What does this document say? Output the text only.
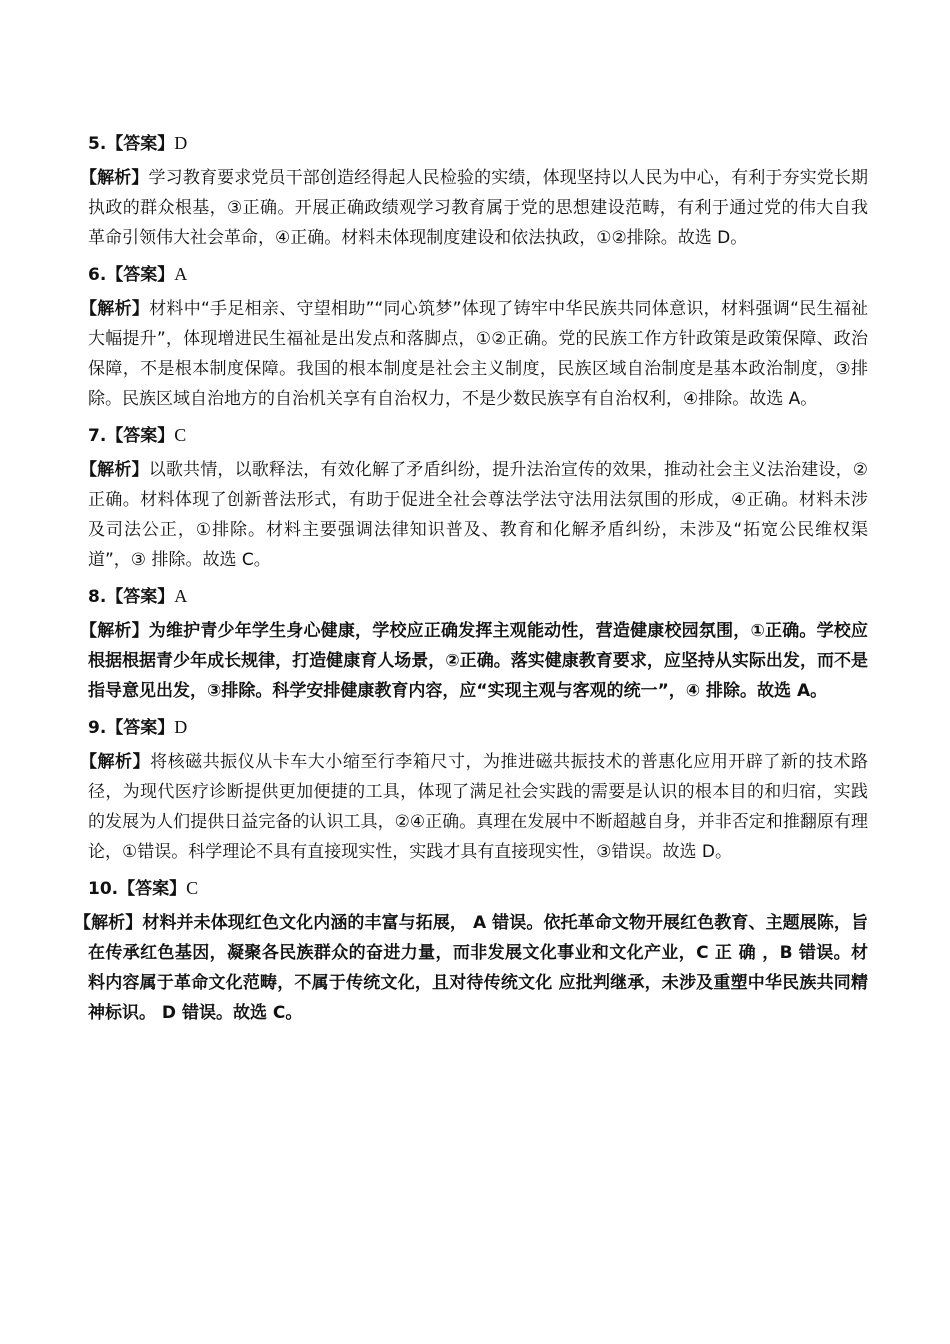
5.【答案】D

【解析】学习教育要求党员干部创造经得起人民检验的实绩，体现坚持以人民为中心，有利于夯实党长期执政的群众根基，③正确。开展正确政绩观学习教育属于党的思想建设范畴，有利于通过党的伟大自我革命引领伟大社会革命，④正确。材料未体现制度建设和依法执政，①②排除。故选 D。

6.【答案】A

【解析】材料中“手足相亲、守望相助”“同心筑梦”体现了铸牢中华民族共同体意识，材料强调“民生福祉大幅提升”，体现增进民生福祉是出发点和落脚点，①②正确。党的民族工作方针政策是政策保障、政治保障，不是根本制度保障。我国的根本制度是社会主义制度，民族区域自治制度是基本政治制度，③排除。民族区域自治地方的自治机关享有自治权力，不是少数民族享有自治权利，④排除。故选 A。

7.【答案】C

【解析】以歌共情，以歌释法，有效化解了矛盾纠纷，提升法治宣传的效果，推动社会主义法治建设，②正确。材料体现了创新普法形式，有助于促进全社会尊法学法守法用法氛围的形成，④正确。材料未涉及司法公正，①排除。材料主要强调法律知识普及、教育和化解矛盾纠纷，未涉及“拓宽公民维权渠道”，③ 排除。故选 C。

8.【答案】A

【解析】为维护青少年学生身心健康，学校应正确发挥主观能动性，营造健康校园氛围，①正确。学校应根据根据青少年成长规律，打造健康育人场景，②正确。落实健康教育要求，应坚持从实际出发，而不是指导意见出发，③排除。科学安排健康教育内容，应“实现主观与客观的统一”，④ 排除。故选 A。

9.【答案】D

【解析】将核磁共振仪从卡车大小缩至行李箱尺寸，为推进磁共振技术的普惠化应用开辟了新的技术路径，为现代医疗诊断提供更加便捷的工具，体现了满足社会实践的需要是认识的根本目的和归宿，实践的发展为人们提供日益完备的认识工具，②④正确。真理在发展中不断超越自身，并非否定和推翻原有理论，①错误。科学理论不具有直接现实性，实践才具有直接现实性，③错误。故选 D。

10.【答案】C

【解析】材料并未体现红色文化内涵的丰富与拓展， A 错误。依托革命文物开展红色教育、主题展陈，旨在传承红色基因，凝聚各民族群众的奋进力量，而非发展文化事业和文化产业，C 正 确 ，B 错误。材料内容属于革命文化范畴，不属于传统文化，且对待传统文化 应批判继承，未涉及重塑中华民族共同精神标识。 D 错误。故选 C。
